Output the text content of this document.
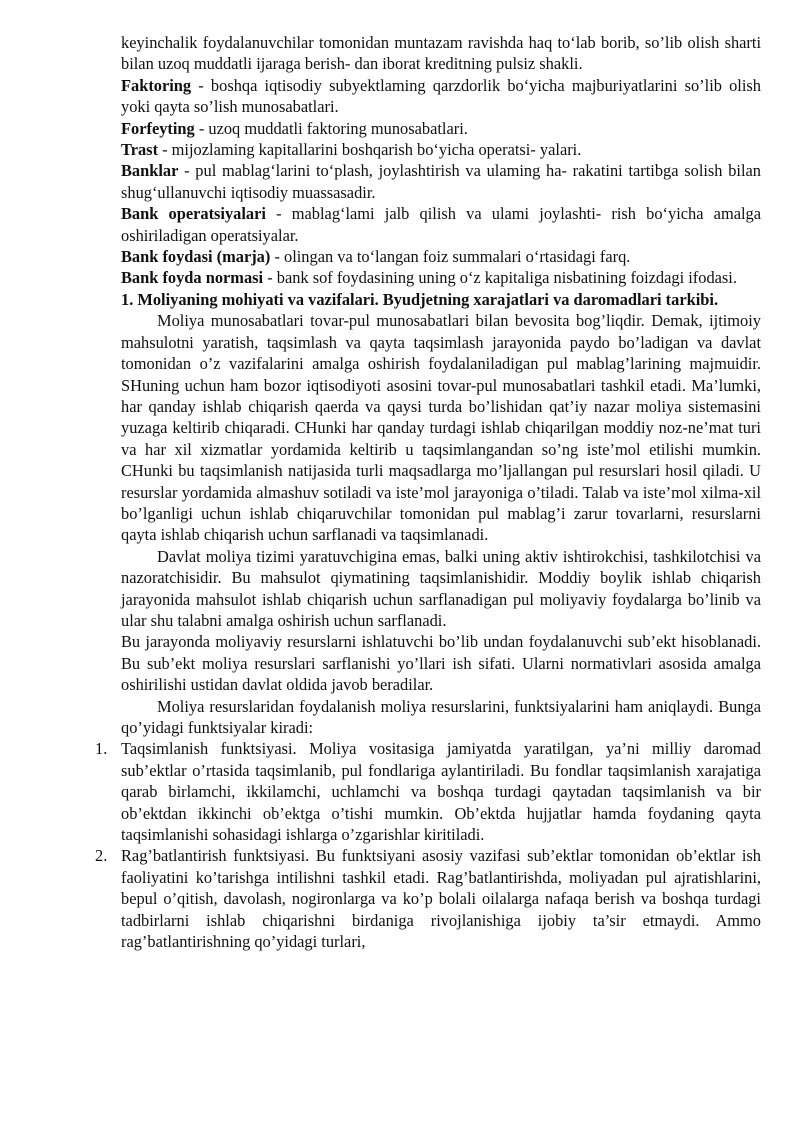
keyinchalik foydalanuvchilar tomonidan muntazam ravishda haq to‘lab borib, so’lib olish sharti bilan uzoq muddatli ijaraga berish- dan iborat kreditning pulsiz shakli.

Faktoring - boshqa iqtisodiy subyektlaming qarzdorlik bo‘yicha majburiyatlarini so’lib olish yoki qayta so’lish munosabatlari.

Forfeyting - uzoq muddatli faktoring munosabatlari.

Trast - mijozlaming kapitallarini boshqarish bo‘yicha operatsi- yalari.

Banklar - pul mablag‘larini to‘plash, joylashtirish va ulaming ha- rakatini tartibga solish bilan shug‘ullanuvchi iqtisodiy muassasadir.

Bank operatsiyalari - mablag‘lami jalb qilish va ulami joylashti- rish bo‘yicha amalga oshiriladigan operatsiyalar.

Bank foydasi (marja) - olingan va to‘langan foiz summalari o‘rtasidagi farq.

Bank foyda normasi - bank sof foydasining uning o‘z kapitaliga nisbatining foizdagi ifodasi.

1. Moliyaning mohiyati va vazifalari. Byudjetning xarajatlari va daromadlari tarkibi.

Moliya munosabatlari tovar-pul munosabatlari bilan bevosita bog’liqdir. Demak, ijtimoiy mahsulotni yaratish, taqsimlash va qayta taqsimlash jarayonida paydo bo’ladigan va davlat tomonidan o’z vazifalarini amalga oshirish foydalaniladigan pul mablag’larining majmuidir. SHuning uchun ham bozor iqtisodiyoti asosini tovar-pul munosabatlari tashkil etadi. Ma’lumki, har qanday ishlab chiqarish qaerda va qaysi turda bo’lishidan qat’iy nazar moliya sistemasini yuzaga keltirib chiqaradi. CHunki har qanday turdagi ishlab chiqarilgan moddiy noz-ne’mat turi va har xil xizmatlar yordamida keltirib u taqsimlangandan so’ng iste’mol etilishi mumkin. CHunki bu taqsimlanish natijasida turli maqsadlarga mo’ljallangan pul resurslari hosil qiladi. U resurslar yordamida almashuv sotiladi va iste’mol jarayoniga o’tiladi. Talab va iste’mol xilma-xil bo’lganligi uchun ishlab chiqaruvchilar tomonidan pul mablag’i zarur tovarlarni, resurslarni qayta ishlab chiqarish uchun sarflanadi va taqsimlanadi.

Davlat moliya tizimi yaratuvchigina emas, balki uning aktiv ishtirokchisi, tashkilotchisi va nazoratchisidir. Bu mahsulot qiymatining taqsimlanishidir. Moddiy boylik ishlab chiqarish jarayonida mahsulot ishlab chiqarish uchun sarflanadigan pul moliyaviy foydalarga bo’linib va ular shu talabni amalga oshirish uchun sarflanadi.

Bu jarayonda moliyaviy resurslarni ishlatuvchi bo’lib undan foydalanuvchi sub’ekt hisoblanadi. Bu sub’ekt moliya resurslari sarflanishi yo’llari ish sifati. Ularni normativlari asosida amalga oshirilishi ustidan davlat oldida javob beradilar.

Moliya resurslaridan foydalanish moliya resurslarini, funktsiyalarini ham aniqlaydi. Bunga qo’yidagi funktsiyalar kiradi:

1. Taqsimlanish funktsiyasi. Moliya vositasiga jamiyatda yaratilgan, ya’ni milliy daromad sub’ektlar o’rtasida taqsimlanib, pul fondlariga aylantiriladi. Bu fondlar taqsimlanish xarajatiga qarab birlamchi, ikkilamchi, uchlamchi va boshqa turdagi qaytadan taqsimlanish va bir ob’ektdan ikkinchi ob’ektga o’tishi mumkin. Ob’ektda hujjatlar hamda foydaning qayta taqsimlanishi sohasidagi ishlarga o’zgarishlar kiritiladi.
2. Rag’batlantirish funktsiyasi. Bu funktsiyani asosiy vazifasi sub’ektlar tomonidan ob’ektlar ish faoliyatini ko’tarishga intilishni tashkil etadi. Rag’batlantirishda, moliyadan pul ajratishlarini, bepul o’qitish, davolash, nogironlarga va ko’p bolali oilalarga nafaqa berish va boshqa turdagi tadbirlarni ishlab chiqarishni birdaniga rivojlanishiga ijobiy ta’sir etmaydi. Ammo rag’batlantirishning qo’yidagi turlari,
